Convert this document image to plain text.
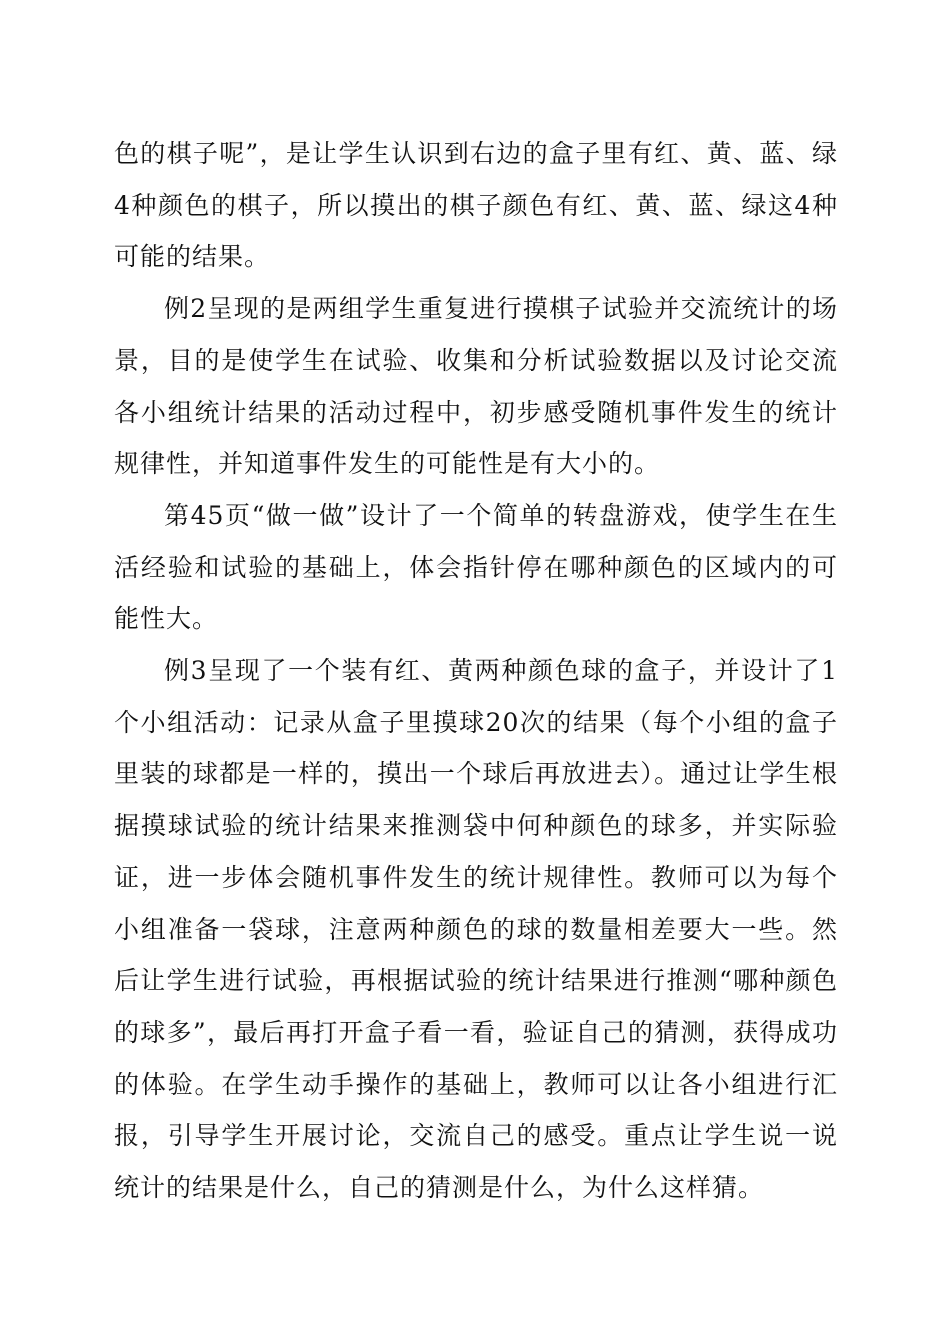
色的棋子呢”，是让学生认识到右边的盒子里有红、黄、蓝、绿4种颜色的棋子，所以摸出的棋子颜色有红、黄、蓝、绿这4种可能的结果。

例2呈现的是两组学生重复进行摸棋子试验并交流统计的场景，目的是使学生在试验、收集和分析试验数据以及讨论交流各小组统计结果的活动过程中，初步感受随机事件发生的统计规律性，并知道事件发生的可能性是有大小的。

第45页“做一做”设计了一个简单的转盘游戏，使学生在生活经验和试验的基础上，体会指针停在哪种颜色的区域内的可能性大。

例3呈现了一个装有红、黄两种颜色球的盒子，并设计了1个小组活动：记录从盒子里摸球20次的结果（每个小组的盒子里装的球都是一样的，摸出一个球后再放进去）。通过让学生根据摸球试验的统计结果来推测袋中何种颜色的球多，并实际验证，进一步体会随机事件发生的统计规律性。教师可以为每个小组准备一袋球，注意两种颜色的球的数量相差要大一些。然后让学生进行试验，再根据试验的统计结果进行推测“哪种颜色的球多”，最后再打开盒子看一看，验证自己的猜测，获得成功的体验。在学生动手操作的基础上，教师可以让各小组进行汇报，引导学生开展讨论，交流自己的感受。重点让学生说一说统计的结果是什么，自己的猜测是什么，为什么这样猜。
